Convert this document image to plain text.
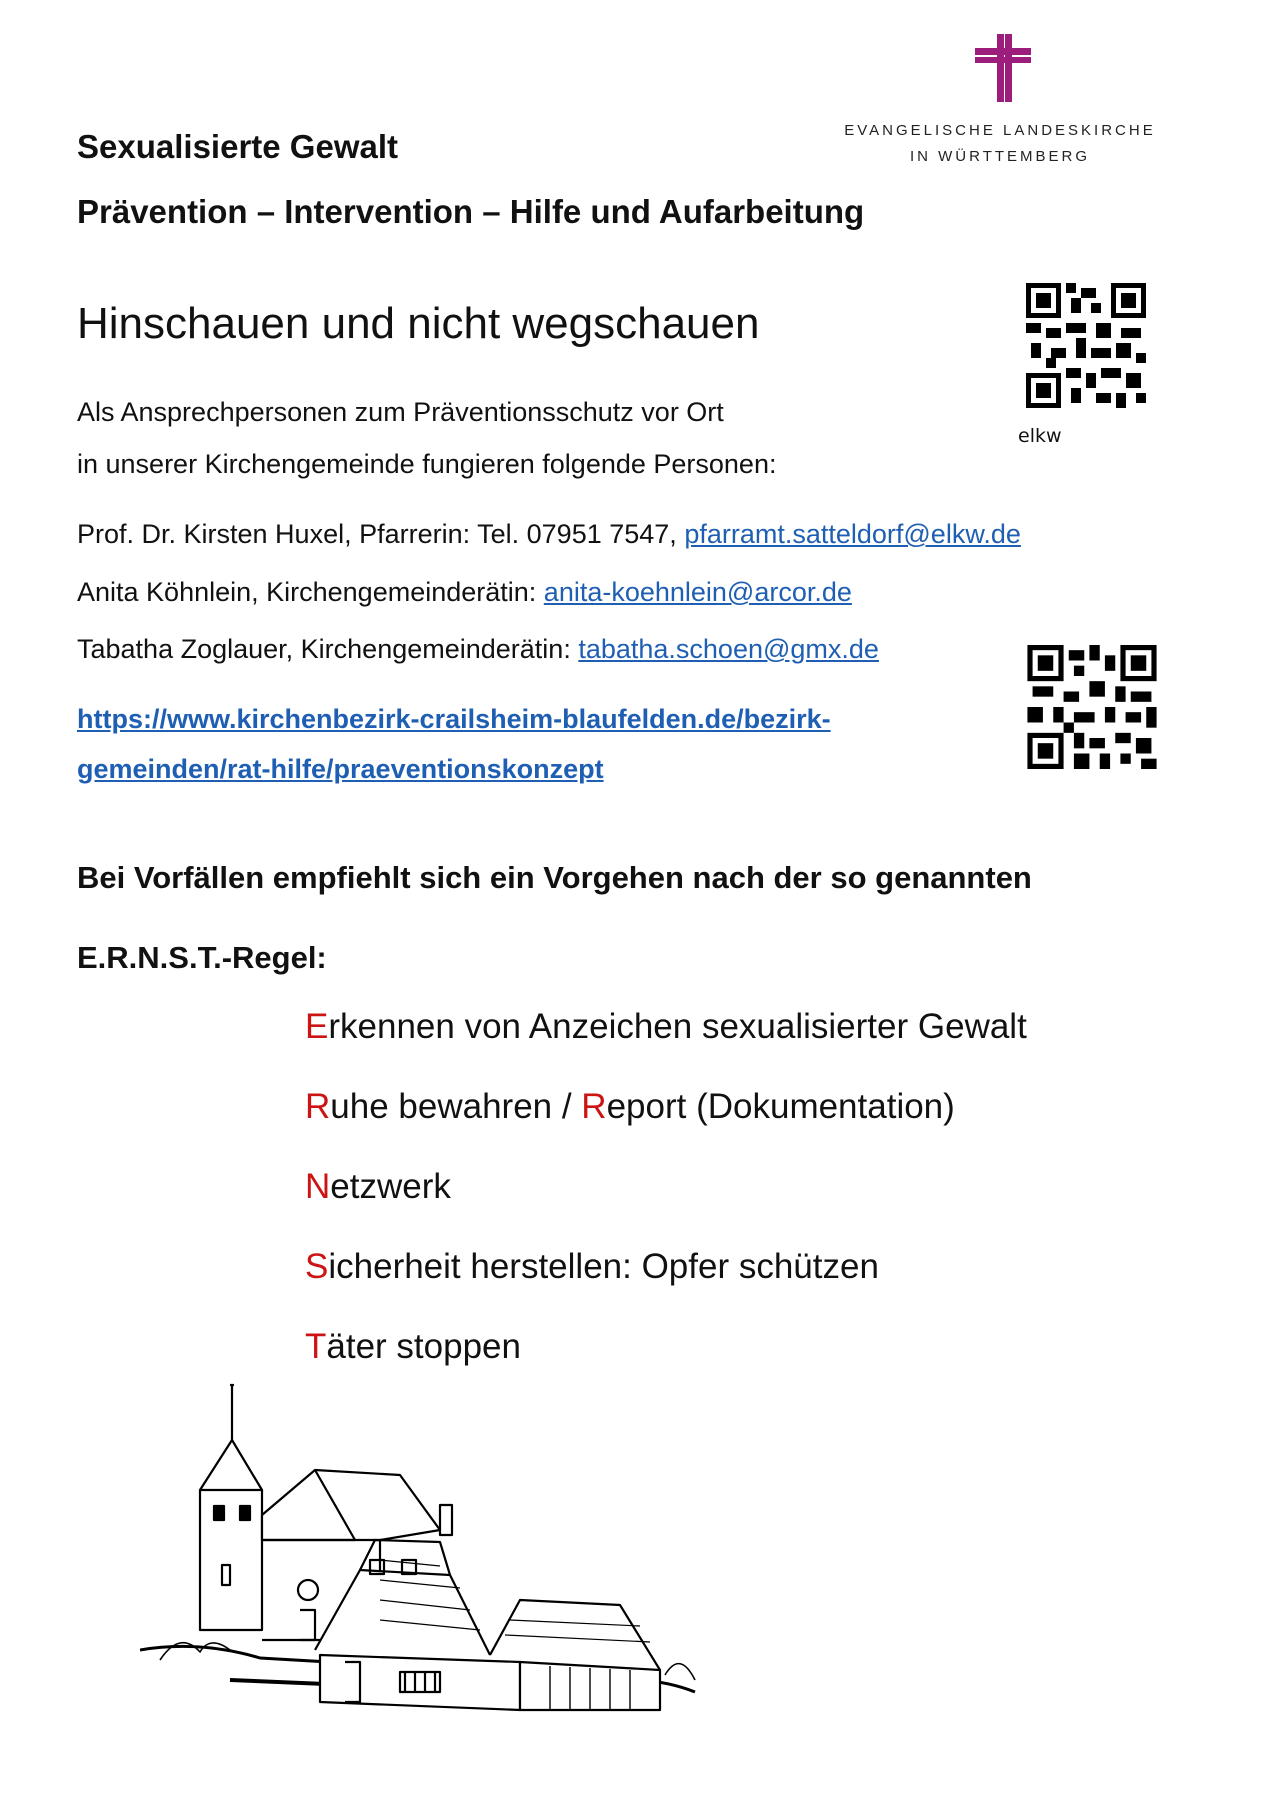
EVANGELISCHE LANDESKIRCHE
IN WÜRTTEMBERG
Sexualisierte Gewalt
Prävention – Intervention – Hilfe und Aufarbeitung
Hinschauen und nicht wegschauen
elkw
Als Ansprechpersonen zum Präventionsschutz vor Ort
in unserer Kirchengemeinde fungieren folgende Personen:
Prof. Dr. Kirsten Huxel, Pfarrerin: Tel. 07951 7547, pfarramt.satteldorf@elkw.de
Anita Köhnlein, Kirchengemeinderätin: anita-koehnlein@arcor.de
Tabatha Zoglauer, Kirchengemeinderätin: tabatha.schoen@gmx.de
https://www.kirchenbezirk-crailsheim-blaufelden.de/bezirk-
gemeinden/rat-hilfe/praeventionskonzept
Bei Vorfällen empfiehlt sich ein Vorgehen nach der so genannten
E.R.N.S.T.-Regel:
Erkennen von Anzeichen sexualisierter Gewalt
Ruhe bewahren / Report (Dokumentation)
Netzwerk
Sicherheit herstellen: Opfer schützen
Täter stoppen
